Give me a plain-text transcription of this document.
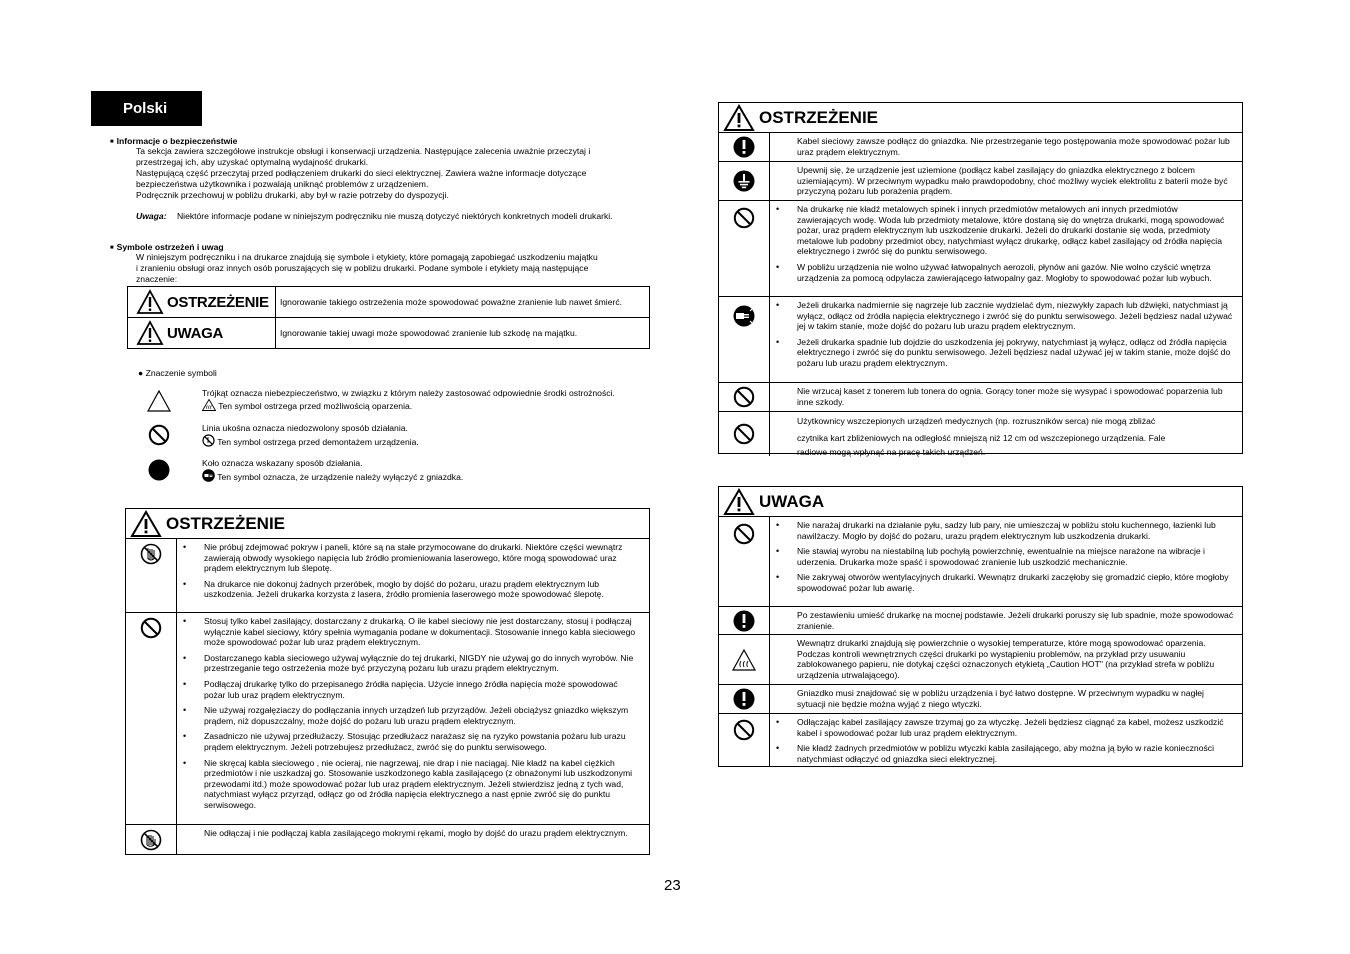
Polski
■ Informacje o bezpieczeństwie
Ta sekcja zawiera szczegółowe instrukcje obsługi i konserwacji urządzenia. Następujące zalecenia uważnie przeczytaj i
przestrzegaj ich, aby uzyskać optymalną wydajność drukarki.
Następującą część przeczytaj przed podłączeniem drukarki do sieci elektrycznej. Zawiera ważne informacje dotyczące
bezpieczeństwa użytkownika i pozwalają uniknąć problemów z urządzeniem.
Podręcznik przechowuj w pobliżu drukarki, aby był w razie potrzeby do dyspozycji.
Uwaga: Niektóre informacje podane w niniejszym podręczniku nie muszą dotyczyć niektórych konkretnych modeli drukarki.
■ Symbole ostrzeżeń i uwag
W niniejszym podręczniku i na drukarce znajdują się symbole i etykiety, które pomagają zapobiegać uszkodzeniu majątku
i zranieniu obsługi oraz innych osób poruszających się w pobliżu drukarki. Podane symbole i etykiety mają następujące
znaczenie:
OSTRZEŻENIE	Ignorowanie takiego ostrzeżenia może spowodować poważne zranienie lub nawet śmierć.

UWAGA	Ignorowanie takiej uwagi może spowodować zranienie lub szkodę na majątku.
● Znaczenie symboli
Trójkąt oznacza niebezpieczeństwo, w związku z którym należy zastosować odpowiednie środki ostrożności.
Ten symbol ostrzega przed możliwością oparzenia.
Linia ukośna oznacza niedozwolony sposób działania.
Ten symbol ostrzega przed demontażem urządzenia.
Koło oznacza wskazany sposób działania.
Ten symbol oznacza, że urządzenie należy wyłączyć z gniazdka.
OSTRZEŻENIE
• Nie próbuj zdejmować pokryw i paneli, które są na stałe przymocowane do drukarki. Niektóre części wewnątrz zawierają obwody wysokiego napięcia lub źródło promieniowania laserowego, które mogą spowodować uraz prądem elektrycznym lub ślepotę.
• Na drukarce nie dokonuj żadnych przeróbek, mogło by dojść do pożaru, urazu prądem elektrycznym lub uszkodzenia. Jeżeli drukarka korzysta z lasera, źródło promienia laserowego może spowodować ślepotę.
• Stosuj tylko kabel zasilający, dostarczany z drukarką. O ile kabel sieciowy nie jest dostarczany, stosuj i podłączaj wyłącznie kabel sieciowy, który spełnia wymagania podane w dokumentacji. Stosowanie innego kabla sieciowego może spowodować pożar lub uraz prądem elektrycznym.
• Dostarczanego kabla sieciowego używaj wyłącznie do tej drukarki, NIGDY nie używaj go do innych wyrobów. Nie przestrzeganie tego ostrzeżenia może być przyczyną pożaru lub urazu prądem elektrycznym.
• Podłączaj drukarkę tylko do przepisanego źródła napięcia. Użycie innego źródła napięcia może spowodować pożar lub uraz prądem elektrycznym.
• Nie używaj rozgałęziaczy do podłączania innych urządzeń lub przyrządów. Jeżeli obciążysz gniazdko większym prądem, niż dopuszczalny, może dojść do pożaru lub urazu prądem elektrycznym.
• Zasadniczo nie używaj przedłużaczy. Stosując przedłużacz narażasz się na ryzyko powstania pożaru lub urazu prądem elektrycznym. Jeżeli potrzebujesz przedłużacz, zwróć się do punktu serwisowego.
• Nie skręcaj kabla sieciowego , nie ocieraj, nie nagrzewaj, nie drap i nie naciągaj. Nie kładź na kabel ciężkich przedmiotów i nie uszkadzaj go. Stosowanie uszkodzonego kabla zasilającego (z obnażonymi lub uszkodzonymi przewodami itd.) może spowodować pożar lub uraz prądem elektrycznym. Jeżeli stwierdzisz jedną z tych wad, natychmiast wyłącz przyrząd, odłącz go od źródła napięcia elektrycznego a nast ępnie zwróć się do punktu serwisowego.
Nie odłączaj i nie podłączaj kabla zasilającego mokrymi rękami, mogło by dojść do urazu prądem elektrycznym.
OSTRZEŻENIE
Kabel sieciowy zawsze podłącz do gniazdka. Nie przestrzeganie tego postępowania może spowodować pożar lub uraz prądem elektrycznym.
Upewnij się, że urządzenie jest uziemione (podłącz kabel zasilający do gniazdka elektrycznego z bolcem uziemiającym). W przeciwnym wypadku mało prawdopodobny, choć możliwy wyciek elektrolitu z baterii może być przyczyną pożaru lub porażenia prądem.
• Na drukarkę nie kładź metalowych spinek i innych przedmiotów metalowych ani innych przedmiotów zawierających wodę. Woda lub przedmioty metalowe, które dostaną się do wnętrza drukarki, mogą spowodować pożar, uraz prądem elektrycznym lub uszkodzenie drukarki. Jeżeli do drukarki dostanie się woda, przedmioty metalowe lub podobny przedmiot obcy, natychmiast wyłącz drukarkę, odłącz kabel zasilający od źródła napięcia elektrycznego i zwróć się do punktu serwisowego.
• W pobliżu urządzenia nie wolno używać łatwopalnych aerozoli, płynów ani gazów. Nie wolno czyścić wnętrza urządzenia za pomocą odpylacza zawierającego łatwopalny gaz. Mogłoby to spowodować pożar lub wybuch.
• Jeżeli drukarka nadmiernie się nagrzeje lub zacznie wydzielać dym, niezwykły zapach lub dźwięki, natychmiast ją wyłącz, odłącz od źródła napięcia elektrycznego i zwróć się do punktu serwisowego. Jeżeli będziesz nadal używać jej w takim stanie, może dojść do pożaru lub urazu prądem elektrycznym.
• Jeżeli drukarka spadnie lub dojdzie do uszkodzenia jej pokrywy, natychmiast ją wyłącz, odłącz od źródła napięcia elektrycznego i zwróć się do punktu serwisowego. Jeżeli będziesz nadal używać jej w takim stanie, może dojść do pożaru lub urazu prądem elektrycznym.
Nie wrzucaj kaset z tonerem lub tonera do ognia. Gorący toner może się wysypać i spowodować poparzenia lub inne szkody.
Użytkownicy wszczepionych urządzeń medycznych (np. rozruszników serca) nie mogą zbliżać
czytnika kart zbliżeniowych na odległość mniejszą niż 12 cm od wszczepionego urządzenia. Fale
radiowe mogą wpłynąć na pracę takich urządzeń.
UWAGA
• Nie narażaj drukarki na działanie pyłu, sadzy lub pary, nie umieszczaj w pobliżu stołu kuchennego, łazienki lub nawilżaczy. Mogło by dojść do pożaru, urazu prądem elektrycznym lub uszkodzenia drukarki.
• Nie stawiaj wyrobu na niestabilną lub pochyłą powierzchnię, ewentualnie na miejsce narażone na wibracje i uderzenia. Drukarka może spaść i spowodować zranienie lub uszkodzić mechanicznie.
• Nie zakrywaj otworów wentylacyjnych drukarki. Wewnątrz drukarki zaczęłoby się gromadzić ciepło, które mogłoby spowodować pożar lub awarię.
Po zestawieniu umieść drukarkę na mocnej podstawie. Jeżeli drukarki poruszy się lub spadnie, może spowodować zranienie.
Wewnątrz drukarki znajdują się powierzchnie o wysokiej temperaturze, które mogą spowodować oparzenia. Podczas kontroli wewnętrznych części drukarki po wystąpieniu problemów, na przykład przy usuwaniu zablokowanego papieru, nie dotykaj części oznaczonych etykietą „Caution HOT" (na przykład strefa w pobliżu urządzenia utrwalającego).
Gniazdko musi znajdować się w pobliżu urządzenia i być łatwo dostępne. W przeciwnym wypadku w nagłej sytuacji nie będzie można wyjąć z niego wtyczki.
• Odłączając kabel zasilający zawsze trzymaj go za wtyczkę. Jeżeli będziesz ciągnąć za kabel, możesz uszkodzić kabel i spowodować pożar lub uraz prądem elektrycznym.
• Nie kładź żadnych przedmiotów w pobliżu wtyczki kabla zasilającego, aby można ją było w razie konieczności natychmiast odłączyć od gniazdka sieci elektrycznej.
23
